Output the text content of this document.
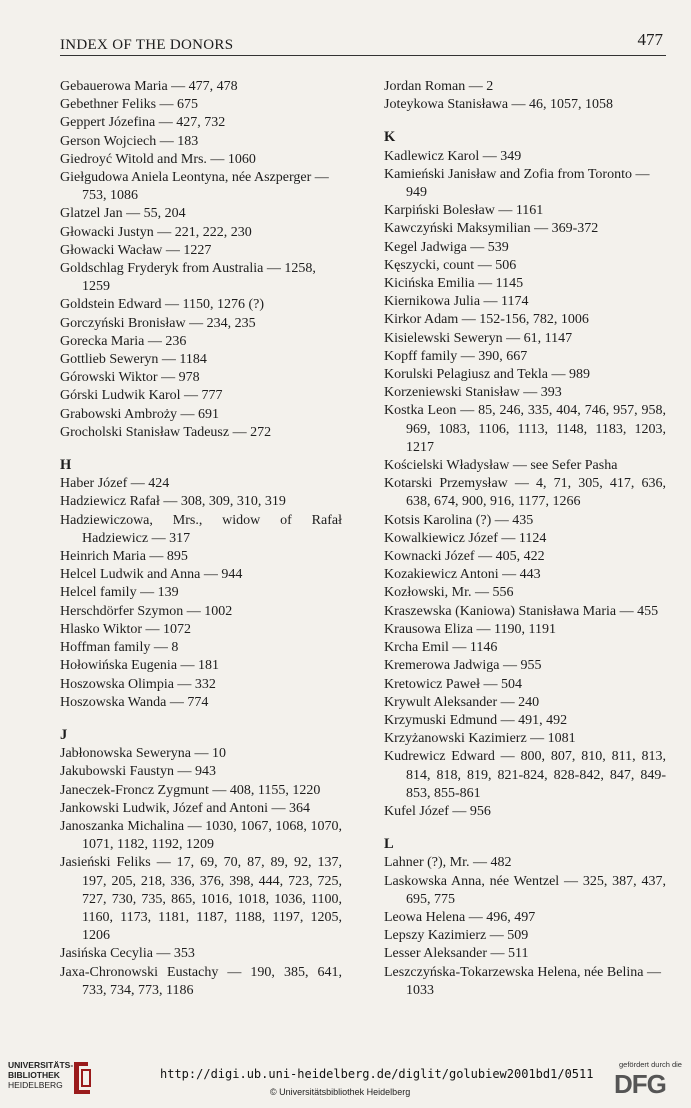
INDEX OF THE DONORS	477
Gebauerowa Maria — 477, 478
Gebethner Feliks — 675
Geppert Józefina — 427, 732
Gerson Wojciech — 183
Giedroyć Witold and Mrs. — 1060
Giełgudowa Aniela Leontyna, née Aszperger — 753, 1086
Glatzel Jan — 55, 204
Głowacki Justyn — 221, 222, 230
Głowacki Wacław — 1227
Goldschlag Fryderyk from Australia — 1258, 1259
Goldstein Edward — 1150, 1276 (?)
Gorczyński Bronisław — 234, 235
Gorecka Maria — 236
Gottlieb Seweryn — 1184
Górowski Wiktor — 978
Górski Ludwik Karol — 777
Grabowski Ambroży — 691
Grocholski Stanisław Tadeusz — 272
H
Haber Józef — 424
Hadziewicz Rafał — 308, 309, 310, 319
Hadziewiczowa, Mrs., widow of Rafał Hadziewicz — 317
Heinrich Maria — 895
Helcel Ludwik and Anna — 944
Helcel family — 139
Herschdörfer Szymon — 1002
Hlasko Wiktor — 1072
Hoffman family — 8
Hołowińska Eugenia — 181
Hoszowska Olimpia — 332
Hoszowska Wanda — 774
J
Jabłonowska Seweryna — 10
Jakubowski Faustyn — 943
Janeczek-Froncz Zygmunt — 408, 1155, 1220
Jankowski Ludwik, Józef and Antoni — 364
Janoszanka Michalina — 1030, 1067, 1068, 1070, 1071, 1182, 1192, 1209
Jasieński Feliks — 17, 69, 70, 87, 89, 92, 137, 197, 205, 218, 336, 376, 398, 444, 723, 725, 727, 730, 735, 865, 1016, 1018, 1036, 1100, 1160, 1173, 1181, 1187, 1188, 1197, 1205, 1206
Jasińska Cecylia — 353
Jaxa-Chronowski Eustachy — 190, 385, 641, 733, 734, 773, 1186
Jordan Roman — 2
Joteykowa Stanisława — 46, 1057, 1058
K
Kadlewicz Karol — 349
Kamieński Janisław and Zofia from Toronto — 949
Karpiński Bolesław — 1161
Kawczyński Maksymilian — 369-372
Kegel Jadwiga — 539
Kęszycki, count — 506
Kicińska Emilia — 1145
Kiernikowa Julia — 1174
Kirkor Adam — 152-156, 782, 1006
Kisielewski Seweryn — 61, 1147
Kopff family — 390, 667
Korulski Pelagiusz and Tekla — 989
Korzeniewski Stanisław — 393
Kostka Leon — 85, 246, 335, 404, 746, 957, 958, 969, 1083, 1106, 1113, 1148, 1183, 1203, 1217
Kościelski Władysław — see Sefer Pasha
Kotarski Przemysław — 4, 71, 305, 417, 636, 638, 674, 900, 916, 1177, 1266
Kotsis Karolina (?) — 435
Kowalkiewicz Józef — 1124
Kownacki Józef — 405, 422
Kozakiewicz Antoni — 443
Kozłowski, Mr. — 556
Kraszewska (Kaniowa) Stanisława Maria — 455
Krausowa Eliza — 1190, 1191
Krcha Emil — 1146
Kremerowa Jadwiga — 955
Kretowicz Paweł — 504
Krywult Aleksander — 240
Krzymuski Edmund — 491, 492
Krzyżanowski Kazimierz — 1081
Kudrewicz Edward — 800, 807, 810, 811, 813, 814, 818, 819, 821-824, 828-842, 847, 849-853, 855-861
Kufel Józef — 956
L
Lahner (?), Mr. — 482
Laskowska Anna, née Wentzel — 325, 387, 437, 695, 775
Leowa Helena — 496, 497
Lepszy Kazimierz — 509
Lesser Aleksander — 511
Leszczyńska-Tokarzewska Helena, née Belina — 1033
UNIVERSITÄTS-
BIBLIOTHEK
HEIDELBERG
http://digi.ub.uni-heidelberg.de/diglit/golubiew2001bd1/0511
© Universitätsbibliothek Heidelberg
gefördert durch die
DFG
